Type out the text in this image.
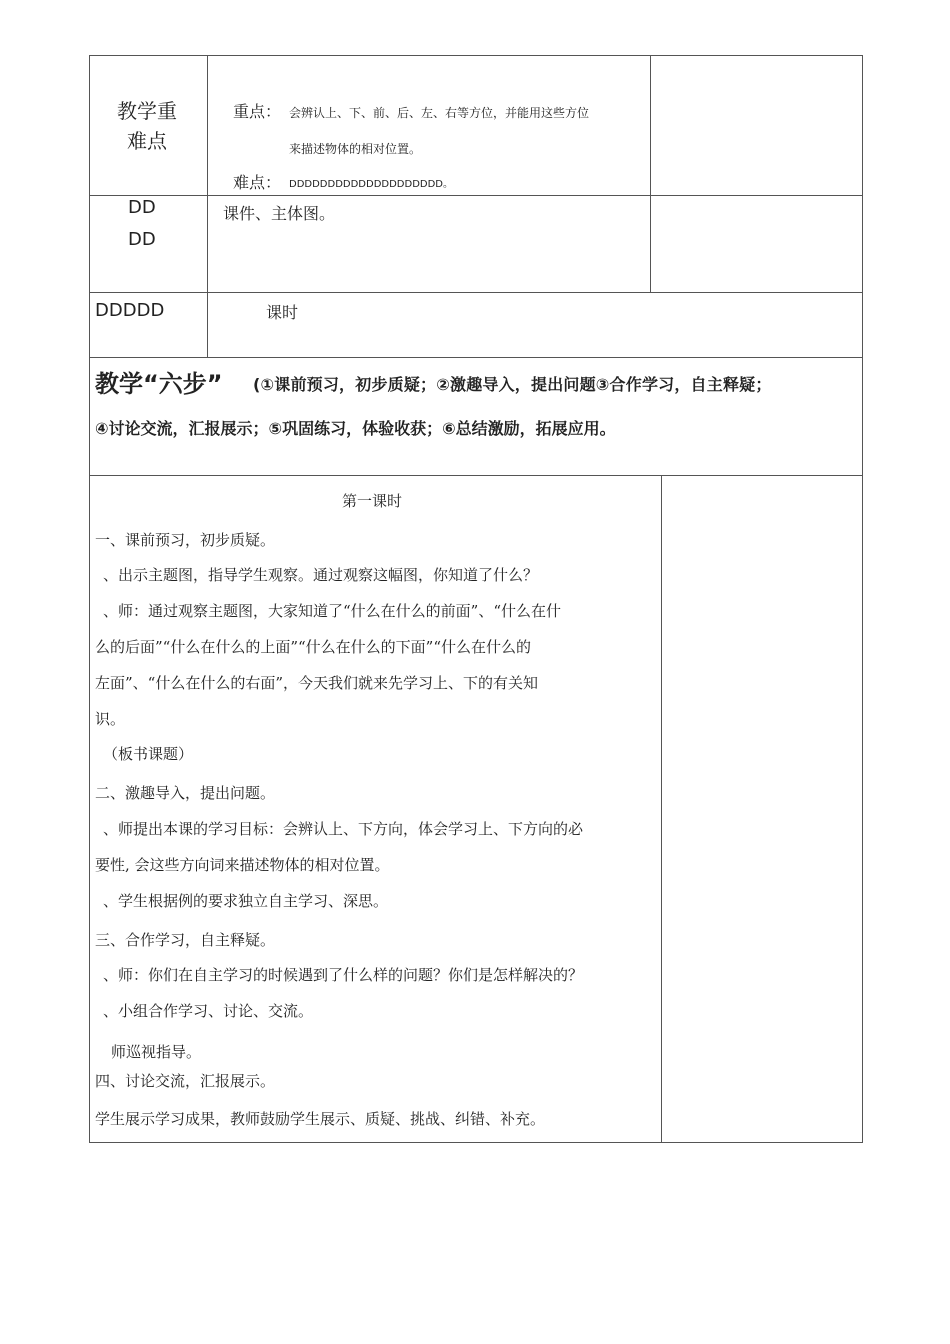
教学重
难点
重点： 会辨认上、下、前、后、左、右等方位，并能用这些方位
来描述物体的相对位置。
难点： DDDDDDDDDDDDDDDDDDDD。
DD
DD
课件、主体图。
DDDDD	课时
教学“六步” (①课前预习，初步质疑；②激趣导入，提出问题③合作学习，自主释疑；
④讨论交流，汇报展示；⑤巩固练习，体验收获；⑥总结激励，拓展应用。
第一课时
一、课前预习，初步质疑。
、出示主题图，指导学生观察。通过观察这幅图，你知道了什么？
、师：通过观察主题图，大家知道了“什么在什么的前面”、“什么在什
么的后面”“什么在什么的上面”“什么在什么的下面”“什么在什么的
左面”、“什么在什么的右面”，今天我们就来先学习上、下的有关知
识。
（板书课题）
二、激趣导入，提出问题。
、师提出本课的学习目标：会辨认上、下方向，体会学习上、下方向的必
要性, 会这些方向词来描述物体的相对位置。
、学生根据例的要求独立自主学习、深思。
三、合作学习，自主释疑。
、师：你们在自主学习的时候遇到了什么样的问题？你们是怎样解决的？
、小组合作学习、讨论、交流。
师巡视指导。
四、讨论交流，汇报展示。
学生展示学习成果，教师鼓励学生展示、质疑、挑战、纠错、补充。
